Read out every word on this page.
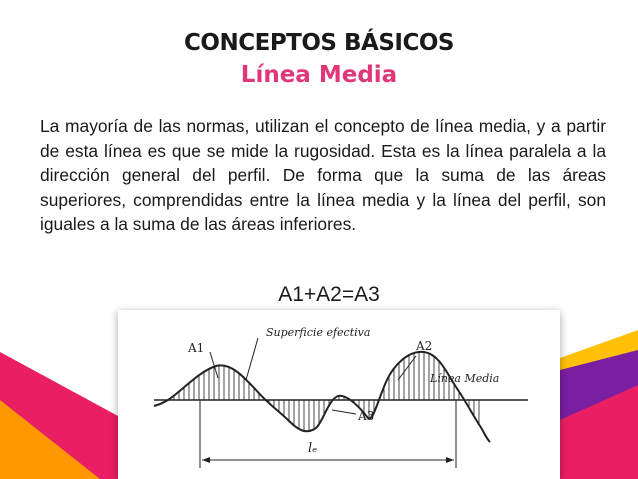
CONCEPTOS BÁSICOS
Línea Media
La mayoría de las normas, utilizan el concepto de línea media, y a partir de esta línea es que se mide la rugosidad. Esta es la línea paralela a la dirección general del perfil. De forma que la suma de las áreas superiores, comprendidas entre la línea media y la línea del perfil, son iguales a la suma de las áreas inferiores.
A1+A2=A3
A1
Superficie efectiva
A2
Línea Media
A3
lₑ
